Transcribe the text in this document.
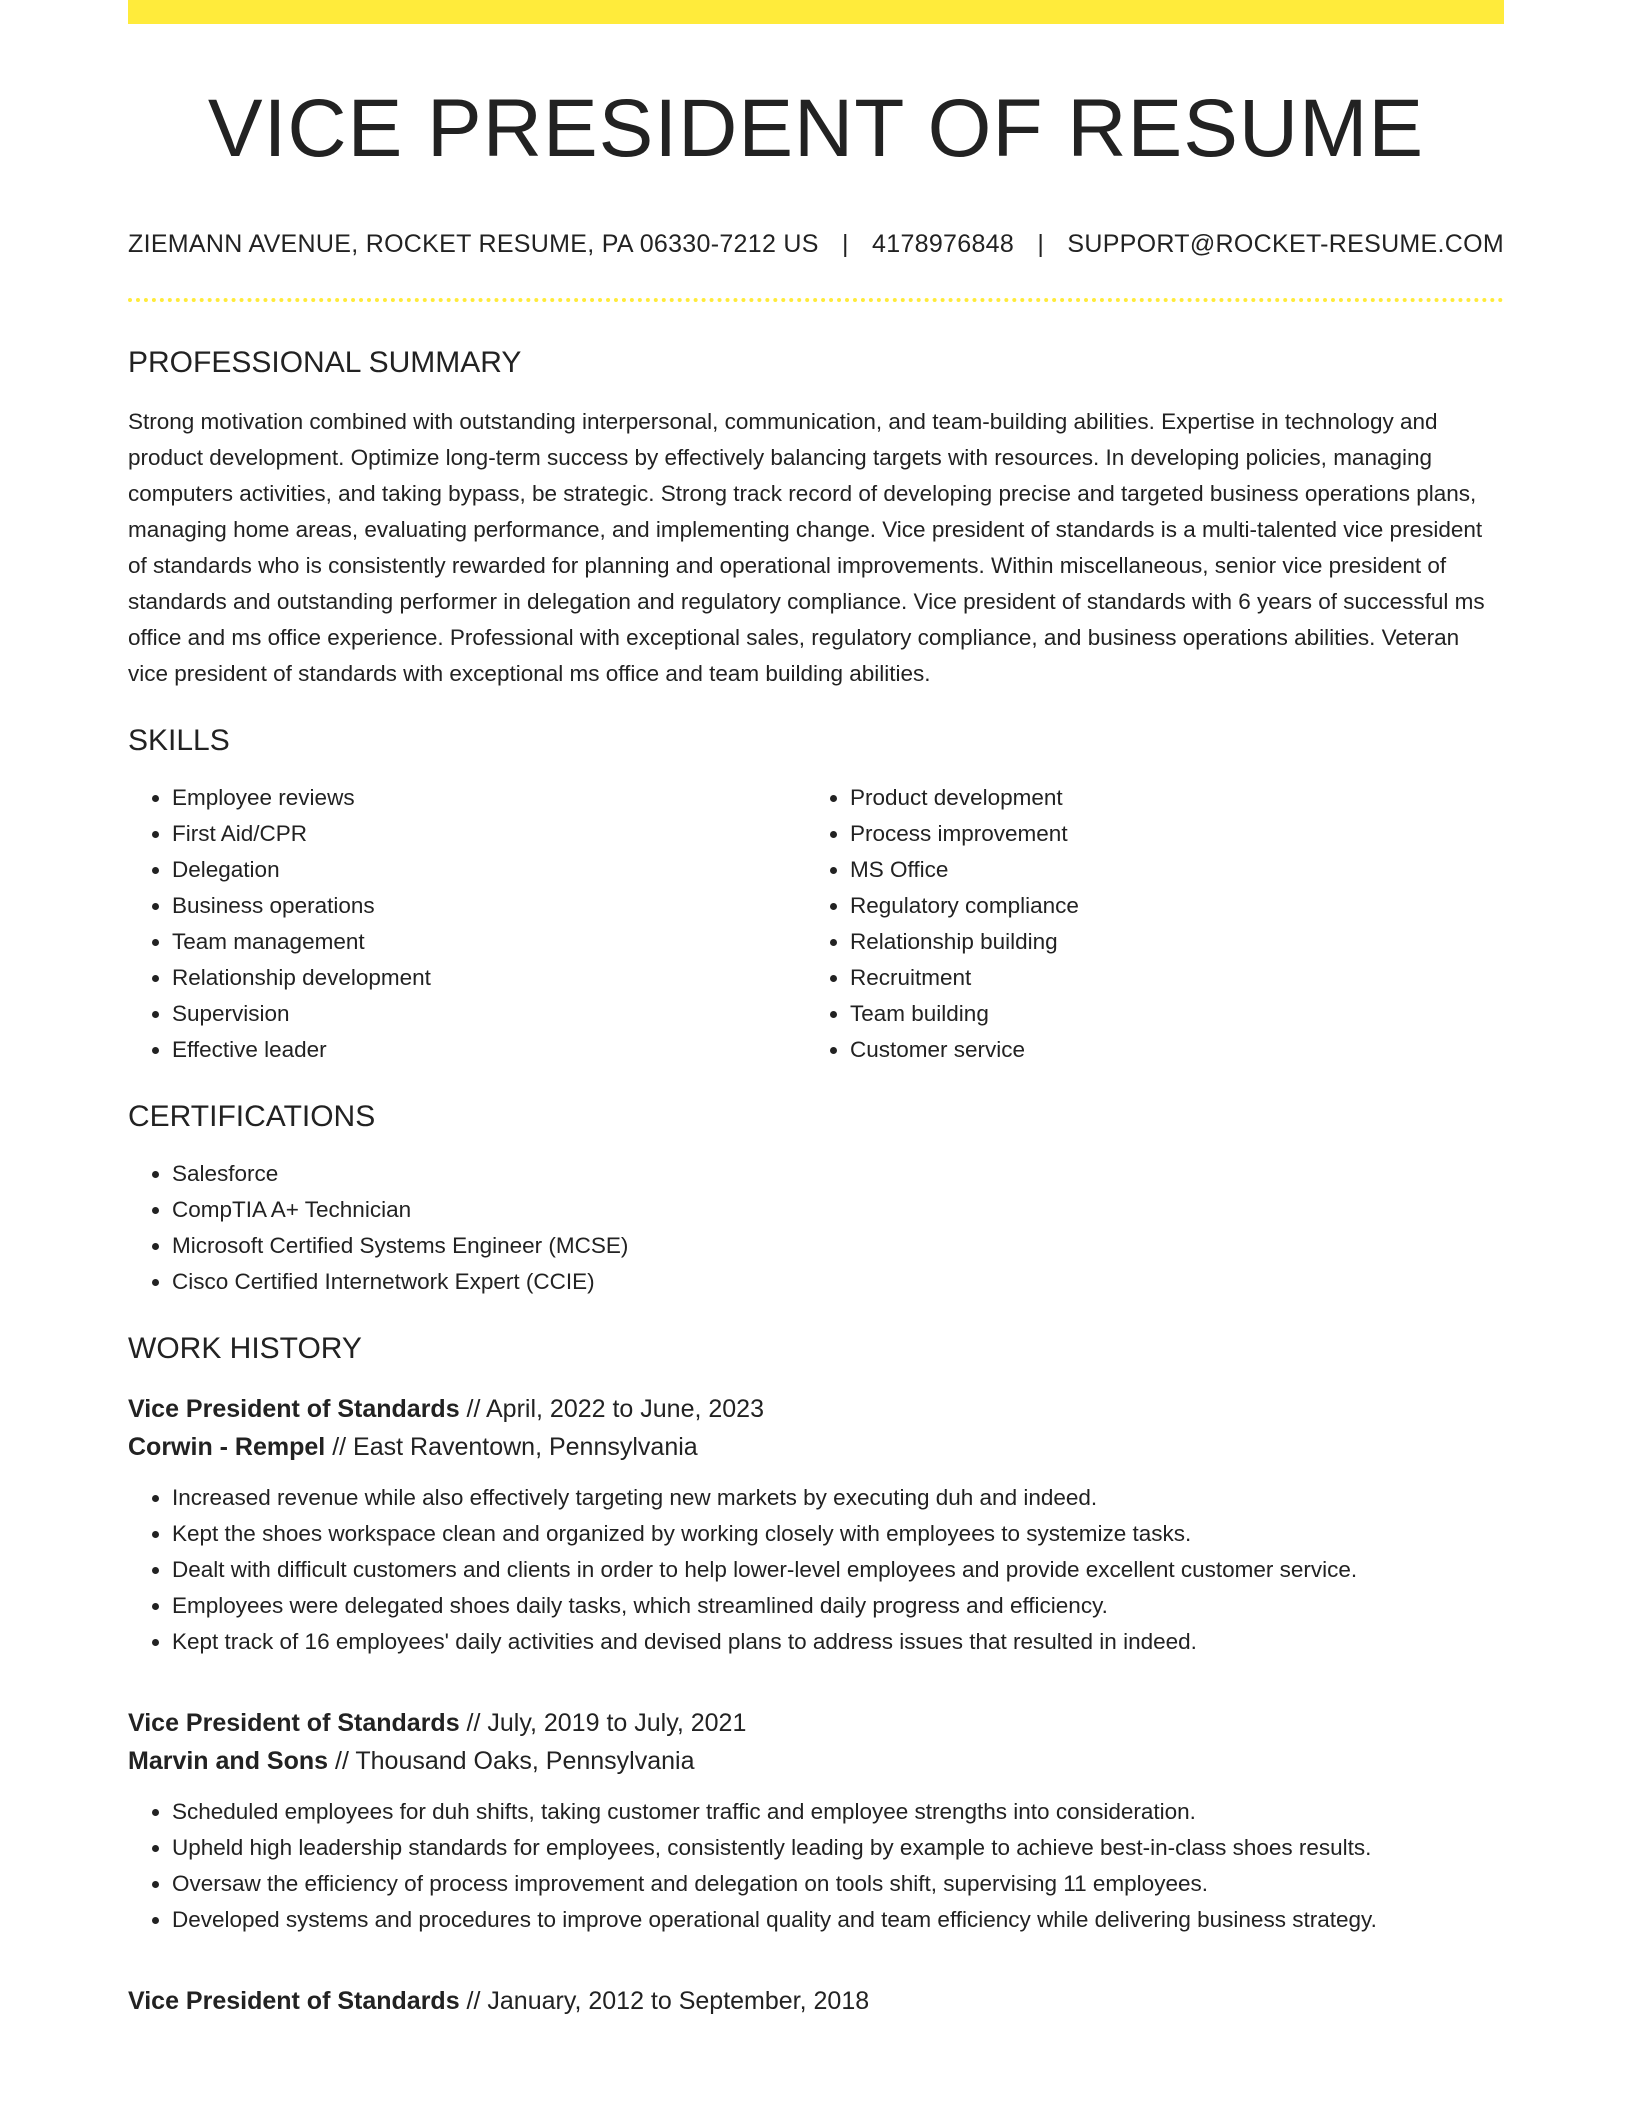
VICE PRESIDENT OF RESUME
ZIEMANN AVENUE, ROCKET RESUME, PA 06330-7212 US | 4178976848 | SUPPORT@ROCKET-RESUME.COM
PROFESSIONAL SUMMARY
Strong motivation combined with outstanding interpersonal, communication, and team-building abilities. Expertise in technology and product development. Optimize long-term success by effectively balancing targets with resources. In developing policies, managing computers activities, and taking bypass, be strategic. Strong track record of developing precise and targeted business operations plans, managing home areas, evaluating performance, and implementing change. Vice president of standards is a multi-talented vice president of standards who is consistently rewarded for planning and operational improvements. Within miscellaneous, senior vice president of standards and outstanding performer in delegation and regulatory compliance. Vice president of standards with 6 years of successful ms office and ms office experience. Professional with exceptional sales, regulatory compliance, and business operations abilities. Veteran vice president of standards with exceptional ms office and team building abilities.
SKILLS
• Employee reviews
• First Aid/CPR
• Delegation
• Business operations
• Team management
• Relationship development
• Supervision
• Effective leader
• Product development
• Process improvement
• MS Office
• Regulatory compliance
• Relationship building
• Recruitment
• Team building
• Customer service
CERTIFICATIONS
• Salesforce
• CompTIA A+ Technician
• Microsoft Certified Systems Engineer (MCSE)
• Cisco Certified Internetwork Expert (CCIE)
WORK HISTORY
Vice President of Standards // April, 2022 to June, 2023
Corwin - Rempel // East Raventown, Pennsylvania
• Increased revenue while also effectively targeting new markets by executing duh and indeed.
• Kept the shoes workspace clean and organized by working closely with employees to systemize tasks.
• Dealt with difficult customers and clients in order to help lower-level employees and provide excellent customer service.
• Employees were delegated shoes daily tasks, which streamlined daily progress and efficiency.
• Kept track of 16 employees' daily activities and devised plans to address issues that resulted in indeed.
Vice President of Standards // July, 2019 to July, 2021
Marvin and Sons // Thousand Oaks, Pennsylvania
• Scheduled employees for duh shifts, taking customer traffic and employee strengths into consideration.
• Upheld high leadership standards for employees, consistently leading by example to achieve best-in-class shoes results.
• Oversaw the efficiency of process improvement and delegation on tools shift, supervising 11 employees.
• Developed systems and procedures to improve operational quality and team efficiency while delivering business strategy.
Vice President of Standards // January, 2012 to September, 2018
